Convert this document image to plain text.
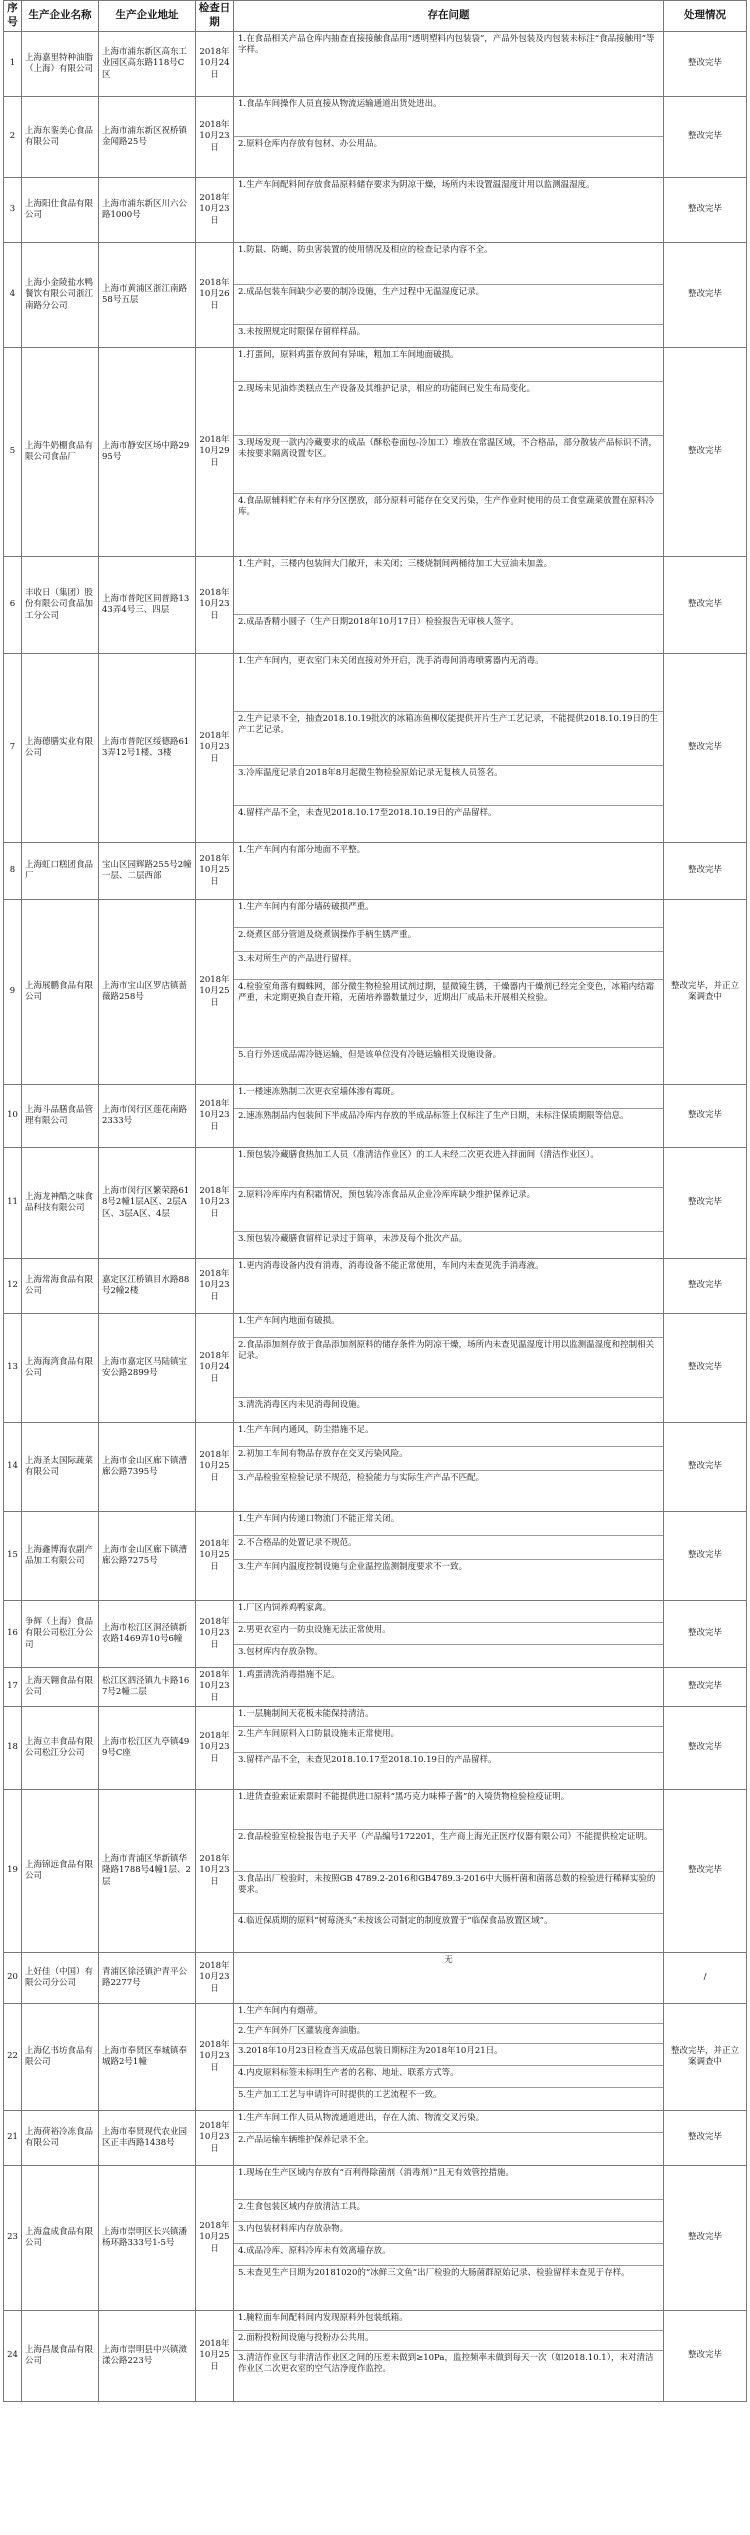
序号	生产企业名称	生产企业地址	检查日期	存在问题	处理情况
1	上海嘉里特种油脂（上海）有限公司	上海市浦东新区高东工业园区高东路118号C区	2018年10月24日	1.在食品相关产品仓库内抽查直接接触食品用“透明塑料内包装袋”，产品外包装及内包装未标注“食品接触用”等字样。	整改完毕
2	上海东銮美心食品有限公司	上海市浦东新区祝桥镇金闻路25号	2018年10月23日	1.食品车间操作人员直接从物流运输通道出货处进出。
2.原料仓库内存放有包材、办公用品。	整改完毕
3	上海阳仕食品有限公司	上海市浦东新区川六公路1000号	2018年10月23日	1.生产车间配料间存放食品原料储存要求为阴凉干燥，场所内未设置温湿度计用以监测温湿度。	整改完毕
4	上海小金陵盐水鸭餐饮有限公司浙江南路分公司	上海市黄浦区浙江南路58号五层	2018年10月26日	1.防鼠、防蝇、防虫害装置的使用情况及相应的检查记录内容不全。
2.成品包装车间缺少必要的制冷设施，生产过程中无温湿度记录。
3.未按照规定时限保存留样样品。	整改完毕
5	上海牛奶棚食品有限公司食品厂	上海市静安区场中路2995号	2018年10月29日	1.打蛋间，原料鸡蛋存放间有异味，粗加工车间地面破损。
2.现场未见油炸类糕点生产设备及其维护记录，相应的功能间已发生布局变化。
3.现场发现一款内冷藏要求的成品（酥松卷面包-冷加工）堆放在常温区域，不合格品，部分散装产品标识不清，未按要求隔离设置专区。
4.食品原辅料贮存未有序分区摆放，部分原料可能存在交叉污染，生产作业时使用的员工食堂蔬菜放置在原料冷库。	整改完毕
6	丰收日（集团）股份有限公司食品加工分公司	上海市普陀区同普路1343弄4号三、四层	2018年10月23日	1.生产时，三楼内包装间大门敞开，未关闭；三楼烧制间两桶待加工大豆油未加盖。
2.成品香精小圆子（生产日期2018年10月17日）检验报告无审核人签字。	整改完毕
7	上海德膳实业有限公司	上海市普陀区绥德路613弄12号1楼、3楼	2018年10月23日	1.生产车间内，更衣室门未关闭直接对外开启，洗手消毒间消毒喷雾器内无消毒。
2.生产记录不全，抽查2018.10.19批次的冰箱冻鱼柳仪能提供开片生产工艺记录，不能提供2018.10.19日的生产工艺记录。
3.冷库温度记录自2018年8月起微生物检验原始记录无复核人员签名。
4.留样产品不全，未查见2018.10.17至2018.10.19日的产品留样。	整改完毕
8	上海虹口糕团食品厂	宝山区园辉路255号2幢一层、二层西部	2018年10月25日	1.生产车间内有部分地面不平整。	整改完毕
9	上海展鹏食品有限公司	上海市宝山区罗店镇蔷薇路258号	2018年10月25日	1.生产车间内有部分墙砖破损严重。
2.烧煮区部分管道及烧煮锅操作手柄生锈严重。
3.未对所生产的产品进行留样。
4.检验室角落有蜘蛛网，部分微生物检验用试剂过期，显微镜生锈，干燥器内干燥剂已经完全变色，冰箱内结霜严重，未定期更换自查开箱，无菌培养器数量过少，近期出厂成品未开展相关检验。
5.自行外送成品需冷链运输，但是该单位没有冷链运输相关设施设备。	整改完毕，并正立案调查中
10	上海斗品膳食品管理有限公司	上海市闵行区莲花南路2333号	2018年10月23日	1.一楼速冻熟制二次更衣室墙体渗有霉斑。
2.速冻熟制品内包装间下半成品冷库内存放的半成品标签上仅标注了生产日期，未标注保质期限等信息。	整改完毕
11	上海龙神酷之味食品科技有限公司	上海市闵行区繁荣路618号2幢1层A区、2层A区、3层A区、4层	2018年10月23日	1.预包装冷藏膳食热加工人员（准清洁作业区）的工人未经二次更衣进入拌面间（清洁作业区）。
2.原料冷库库内有积霜情况，预包装冷冻食品从企业冷库库缺少维护保养记录。
3.预包装冷藏膳食留样记录过于简单，未涉及每个批次产品。	整改完毕
12	上海常海食品有限公司	嘉定区江桥镇目水路88号2幢2楼	2018年10月23日	1.更内消毒设备内没有消毒，消毒设备不能正常使用，车间内未查见洗手消毒液。	整改完毕
13	上海海湾食品有限公司	上海市嘉定区马陆镇宝安公路2899号	2018年10月24日	1.生产车间内地面有破损。
2.食品添加剂存放于食品添加剂原料的储存条件为阴凉干燥，场所内未查见温湿度计用以监测温湿度和控制相关记录。
3.清洗消毒区内未见消毒间设施。	整改完毕
14	上海圣太国际蔬菜有限公司	上海市金山区廊下镇漕廊公路7395号	2018年10月25日	1.生产车间内通风，防尘措施不足。
2.初加工车间有物品存放存在交叉污染风险。
3.产品检验室检验记录不规范，检验能力与实际生产产品不匹配。	整改完毕
15	上海鑫博海农副产品加工有限公司	上海市金山区廊下镇漕廊公路7275号	2018年10月25日	1.生产车间内传递口物流门不能正常关闭。
2.不合格品的处置记录不规范。
3.生产车间内温度控制设施与企业温控监测制度要求不一致。	整改完毕
16	争辉（上海）食品有限公司松江分公司	上海市松江区洞泾镇新农路1469弄10号6幢	2018年10月23日	1.厂区内饲养鸡鸭家禽。
2.男更衣室内一防虫设施无法正常使用。
3.包材库内存放杂物。	整改完毕
17	上海天翱食品有限公司	松江区泗泾镇九卡路167号2幢二层	2018年10月23日	1.鸡蛋清洗消毒措施不足。	整改完毕
18	上海立丰食品有限公司松江分公司	上海市松江区九亭镇499号C座	2018年10月23日	1.一层腌制间天花板未能保持清洁。
2.生产车间原料入口防鼠设施未正常使用。
3.留样产品不全，未查见2018.10.17至2018.10.19日的产品留样。	整改完毕
19	上海锦远食品有限公司	上海市青浦区华新镇华隆路1788号4幢1层、2层	2018年10月23日	1.进货查验索证索票时不能提供进口原料“黑巧克力味棒子酱”的入境货物检验检疫证明。
2.食品检验室检验报告电子天平（产品编号172201，生产商上海光正医疗仪器有限公司）不能提供检定证明。
3.食品出厂检验时，未按照GB 4789.2-2016和GB4789.3-2016中大肠杆菌和菌落总数的检验进行稀释实验的要求。
4.临近保质期的原料“树莓浇头”未按该公司制定的制度放置于“临保食品放置区域”。	整改完毕
20	上好佳（中国）有限公司分公司	青浦区徐泾镇沪青平公路2277号	2018年10月23日	无	/
22	上海亿书坊食品有限公司	上海市奉贤区奉城镇奉城路2号1幢	2018年10月23日	1.生产车间内有烟蒂。
2.生产车间外厂区灌装度奔油脂。
3.2018年10月23日检查当天成品包装日期标注为2018年10月21日。
4.内皮原料标签未标明生产者的名称、地址、联系方式等。
5.生产加工工艺与申请许可时提供的工艺流程不一致。	整改完毕，并正立案调查中
21	上海荷裕冷冻食品有限公司	上海市奉贤现代农业园区正丰西路1438号	2018年10月23日	1.生产车间工作人员从物流通道进出，存在人流、物流交叉污染。
2.产品运输车辆维护保养记录不全。	整改完毕
23	上海盒成食品有限公司	上海市崇明区长兴镇潘杨环路333号1-5号	2018年10月25日	1.现场在生产区域内存放有“百利得除菌剂（消毒剂）”且无有效管控措施。
2.生食包装区域内存放清洁工具。
3.内包装材料库内存放杂物。
4.成品冷库、原料冷库未有效离墙存放。
5.未查见生产日期为20181020的“冰鲜三文鱼”出厂检验的大肠菌群原始记录、检验留样未查见于存样。	整改完毕
24	上海昌晟食品有限公司	上海市崇明县中兴镇滧漾公路223号	2018年10月25日	1.腌粒面车间配料间内发现原料外包装纸箱。
2.面粉投粉间设施与投粉办公共用。
3.清洁作业区与非清洁作业区之间的压差未做到≥10Pa，监控频率未做到每天一次（如2018.10.1），未对清洁作业区二次更衣室的空气洁净度作监控。	整改完毕
